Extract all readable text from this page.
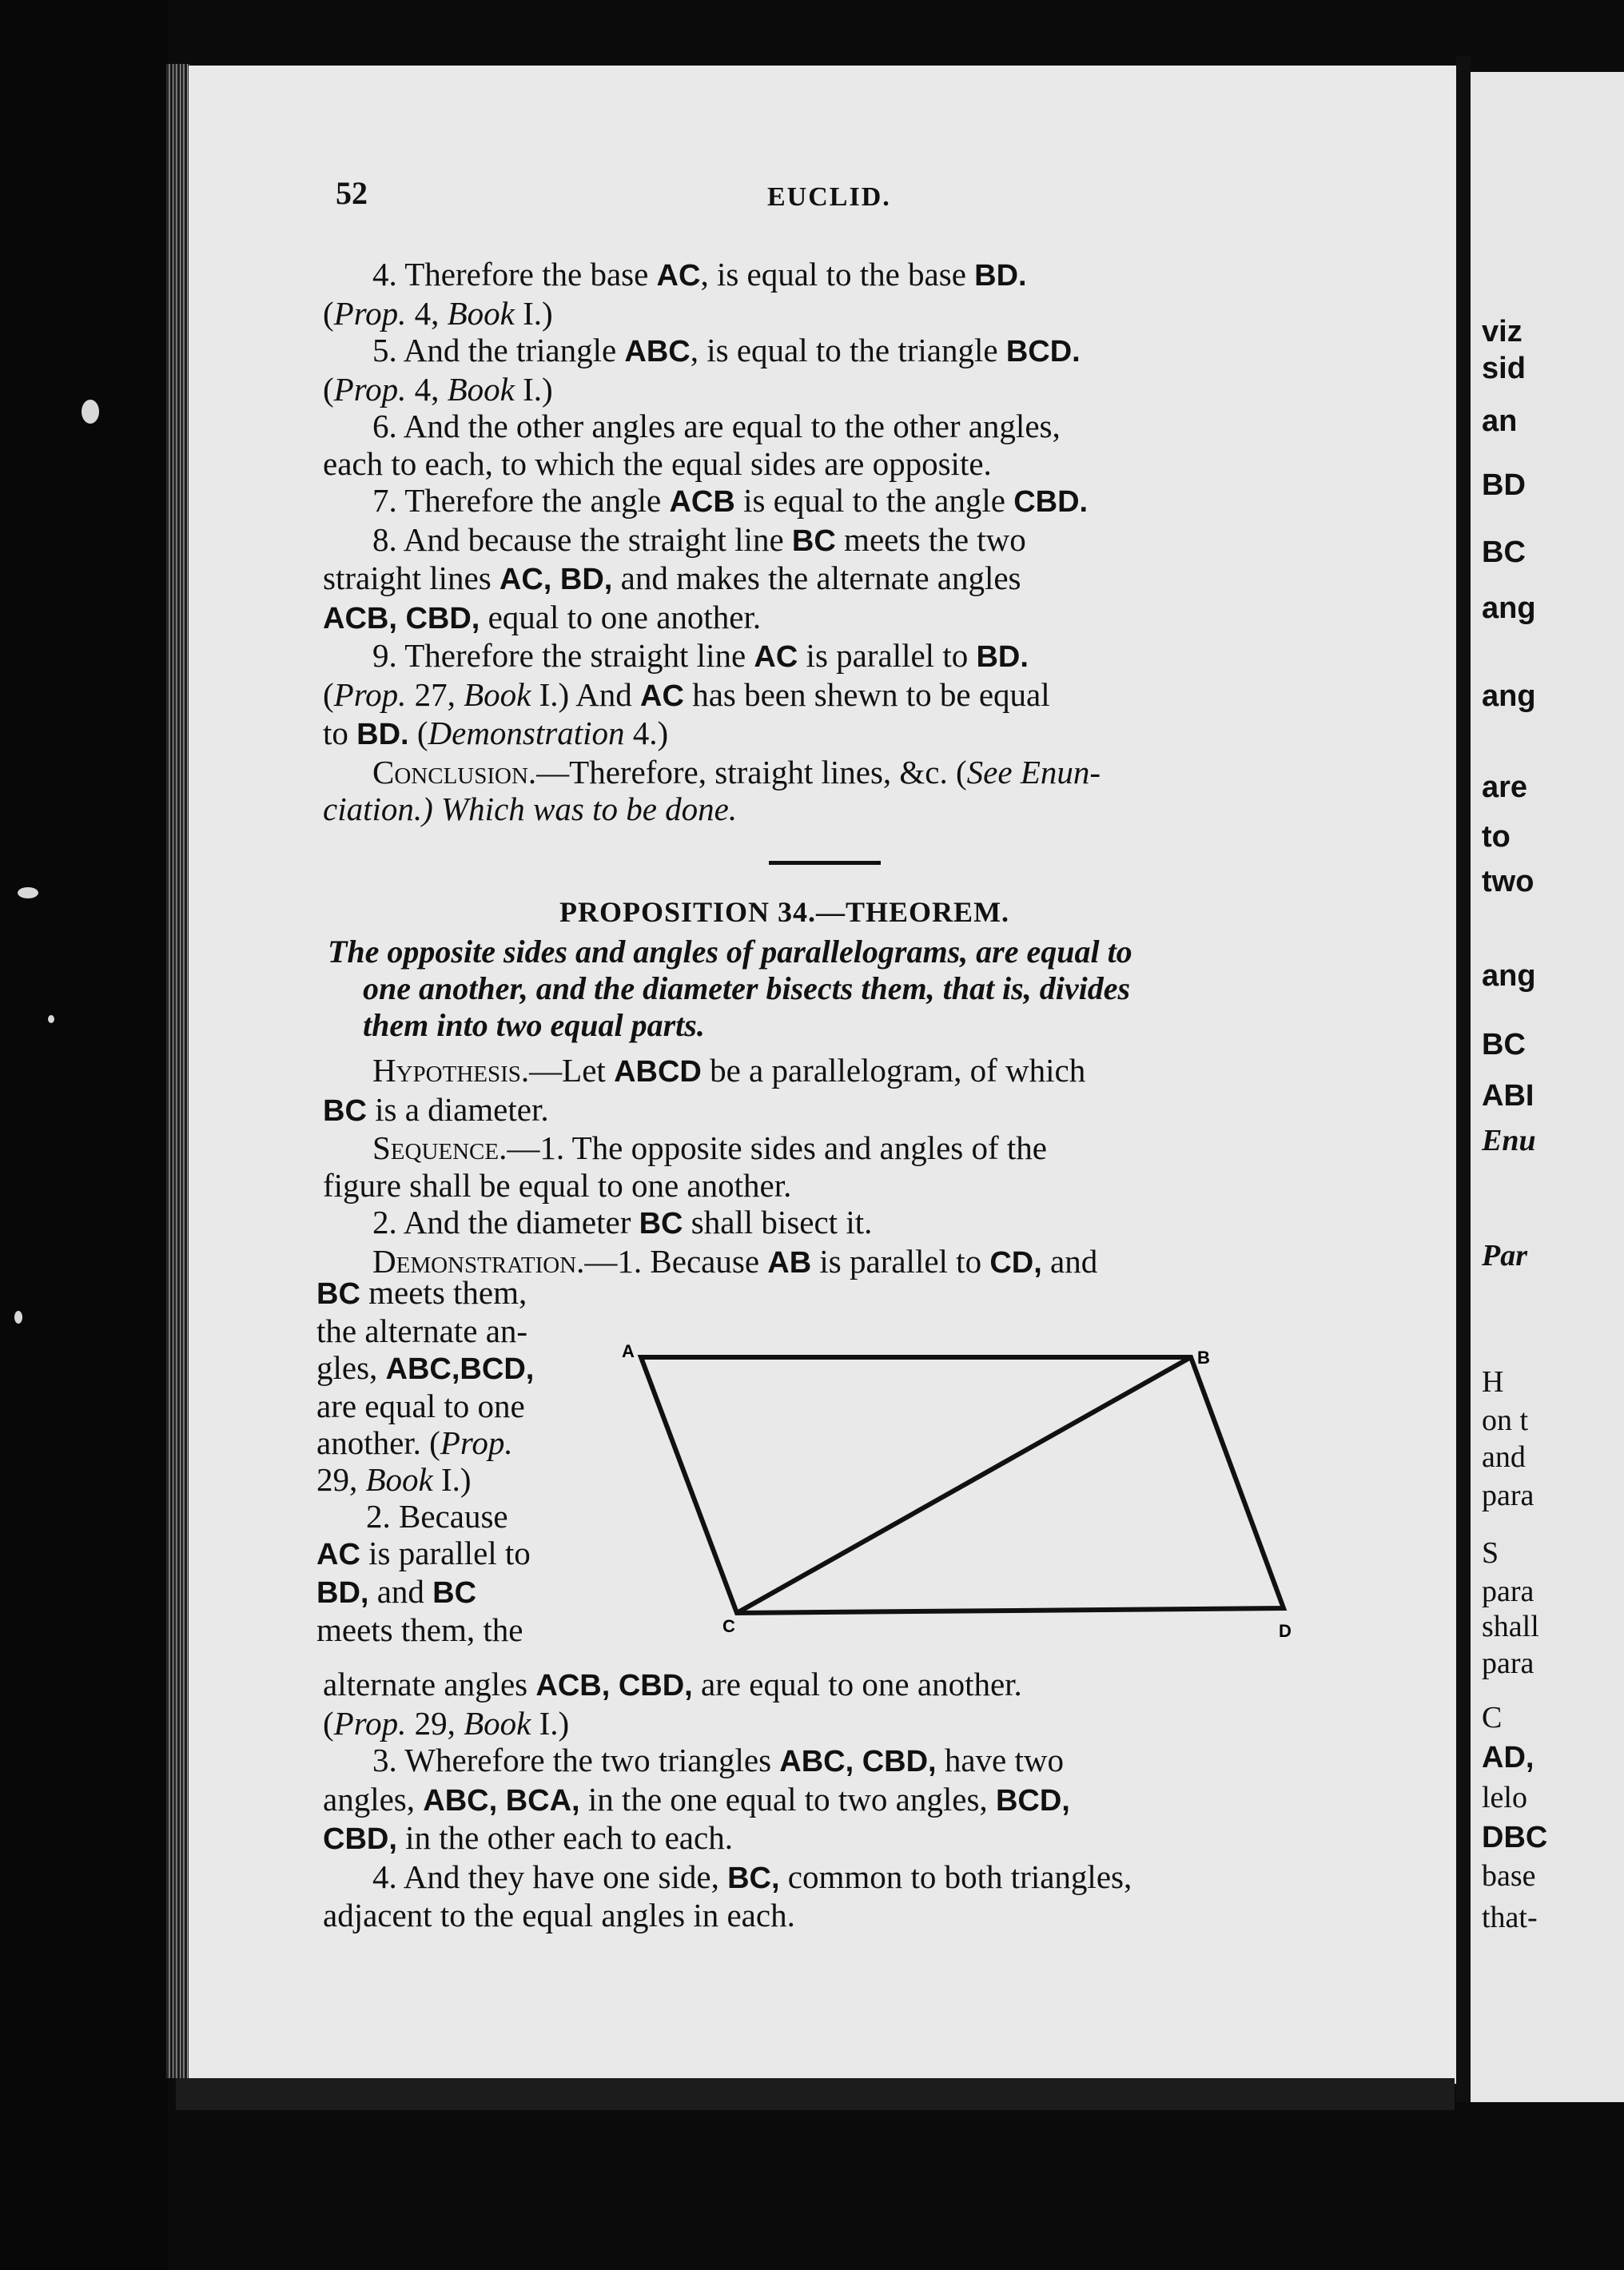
viz
sid
an
BD
BC
ang
ang
are
to
two
ang
BC
ABI
Enu
Par
H
on t
and
para
S
para
shall
para
C
AD,
lelo
DBC
base
that-
52	EUCLID.
4. Therefore the base AC, is equal to the base BD.
(Prop. 4, Book I.)
5. And the triangle ABC, is equal to the triangle BCD.
(Prop. 4, Book I.)
6. And the other angles are equal to the other angles,
each to each, to which the equal sides are opposite.
7. Therefore the angle ACB is equal to the angle CBD.
8. And because the straight line BC meets the two
straight lines AC, BD, and makes the alternate angles
ACB, CBD, equal to one another.
9. Therefore the straight line AC is parallel to BD.
(Prop. 27, Book I.) And AC has been shewn to be equal
to BD. (Demonstration 4.)
Conclusion.—Therefore, straight lines, &c. (See Enun-
ciation.) Which was to be done.
PROPOSITION 34.—THEOREM.
The opposite sides and angles of parallelograms, are equal to
one another, and the diameter bisects them, that is, divides
them into two equal parts.
Hypothesis.—Let ABCD be a parallelogram, of which
BC is a diameter.
Sequence.—1. The opposite sides and angles of the
figure shall be equal to one another.
2. And the diameter BC shall bisect it.
Demonstration.—1. Because AB is parallel to CD, and
BC meets them,
the alternate an-
gles, ABC,BCD,
are equal to one
another. (Prop.
29, Book I.)
2. Because
AC is parallel to
BD, and BC
meets them, the
A	B
C	D
alternate angles ACB, CBD, are equal to one another.
(Prop. 29, Book I.)
3. Wherefore the two triangles ABC, CBD, have two
angles, ABC, BCA, in the one equal to two angles, BCD,
CBD, in the other each to each.
4. And they have one side, BC, common to both triangles,
adjacent to the equal angles in each.
